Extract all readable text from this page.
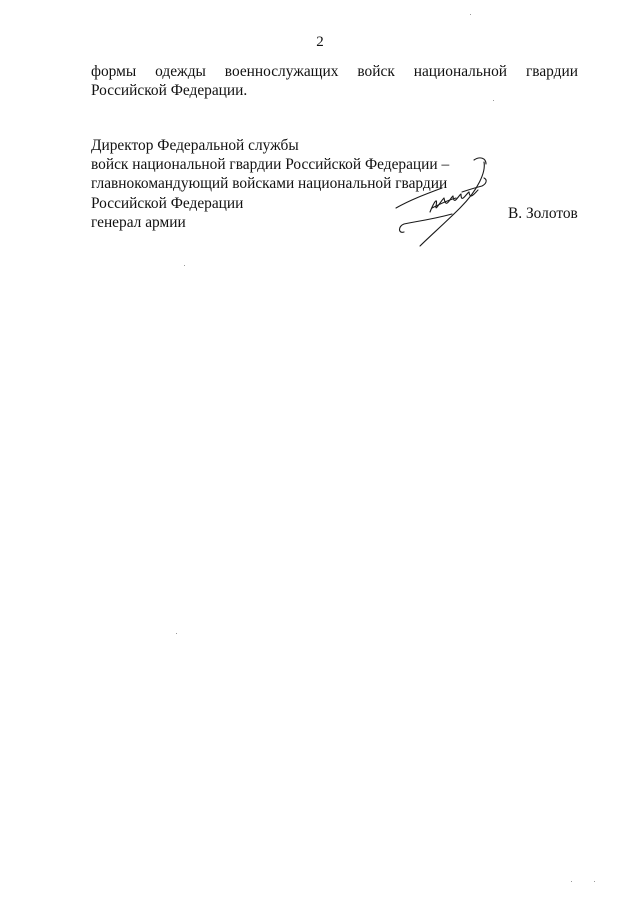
2
формы одежды военнослужащих войск национальной гвардии
Российской Федерации.
Директор Федеральной службы
войск национальной гвардии Российской Федерации –
главнокомандующий войсками национальной гвардии
Российской Федерации
генерал армии
В. Золотов
